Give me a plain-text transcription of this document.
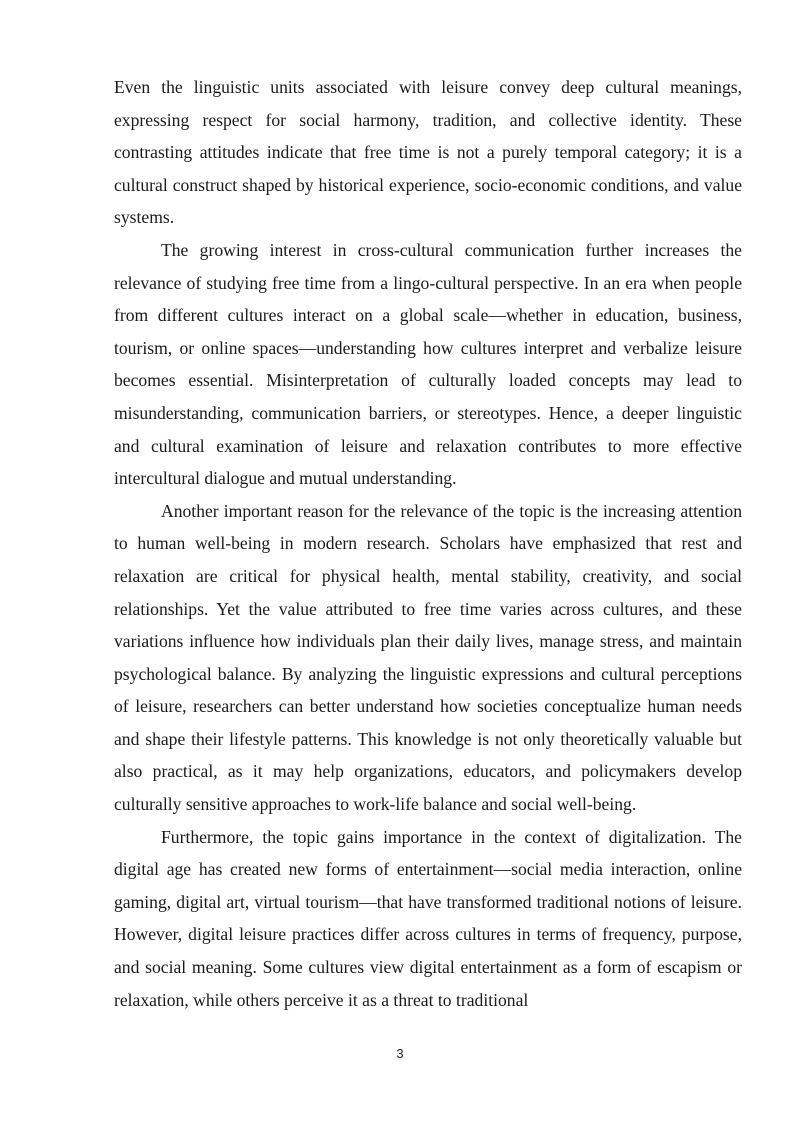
Even the linguistic units associated with leisure convey deep cultural meanings, expressing respect for social harmony, tradition, and collective identity. These contrasting attitudes indicate that free time is not a purely temporal category; it is a cultural construct shaped by historical experience, socio-economic conditions, and value systems.

The growing interest in cross-cultural communication further increases the relevance of studying free time from a lingo-cultural perspective. In an era when people from different cultures interact on a global scale—whether in education, business, tourism, or online spaces—understanding how cultures interpret and verbalize leisure becomes essential. Misinterpretation of culturally loaded concepts may lead to misunderstanding, communication barriers, or stereotypes. Hence, a deeper linguistic and cultural examination of leisure and relaxation contributes to more effective intercultural dialogue and mutual understanding.

Another important reason for the relevance of the topic is the increasing attention to human well-being in modern research. Scholars have emphasized that rest and relaxation are critical for physical health, mental stability, creativity, and social relationships. Yet the value attributed to free time varies across cultures, and these variations influence how individuals plan their daily lives, manage stress, and maintain psychological balance. By analyzing the linguistic expressions and cultural perceptions of leisure, researchers can better understand how societies conceptualize human needs and shape their lifestyle patterns. This knowledge is not only theoretically valuable but also practical, as it may help organizations, educators, and policymakers develop culturally sensitive approaches to work-life balance and social well-being.

Furthermore, the topic gains importance in the context of digitalization. The digital age has created new forms of entertainment—social media interaction, online gaming, digital art, virtual tourism—that have transformed traditional notions of leisure. However, digital leisure practices differ across cultures in terms of frequency, purpose, and social meaning. Some cultures view digital entertainment as a form of escapism or relaxation, while others perceive it as a threat to traditional

3
